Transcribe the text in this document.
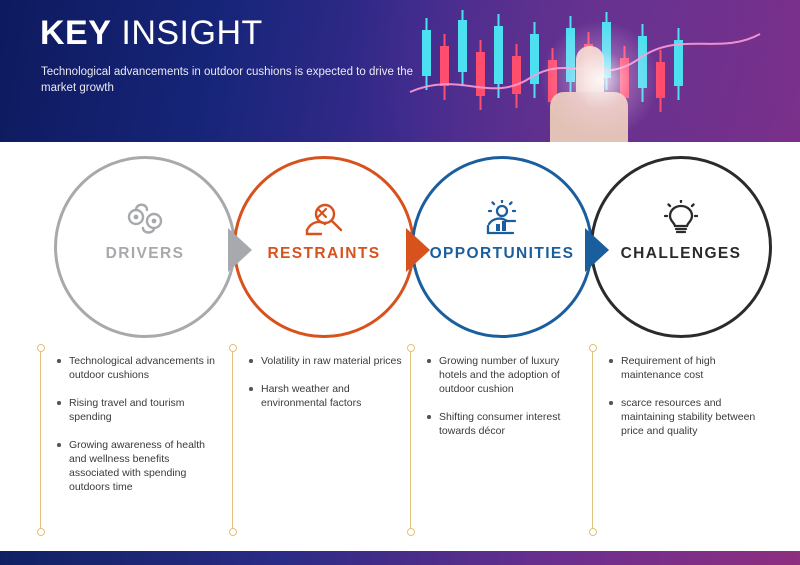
KEY INSIGHT
Technological advancements in outdoor cushions is expected to drive the market growth
DRIVERS	RESTRAINTS	OPPORTUNITIES	CHALLENGES
Technological advancements in outdoor cushions
Rising travel and tourism spending
Growing awareness of health and wellness benefits associated with spending outdoors time
Volatility in raw material prices
Harsh weather and environmental factors
Growing number of luxury hotels and the adoption of outdoor cushion
Shifting consumer interest towards décor
Requirement of high maintenance cost
scarce resources and maintaining stability between price and quality
